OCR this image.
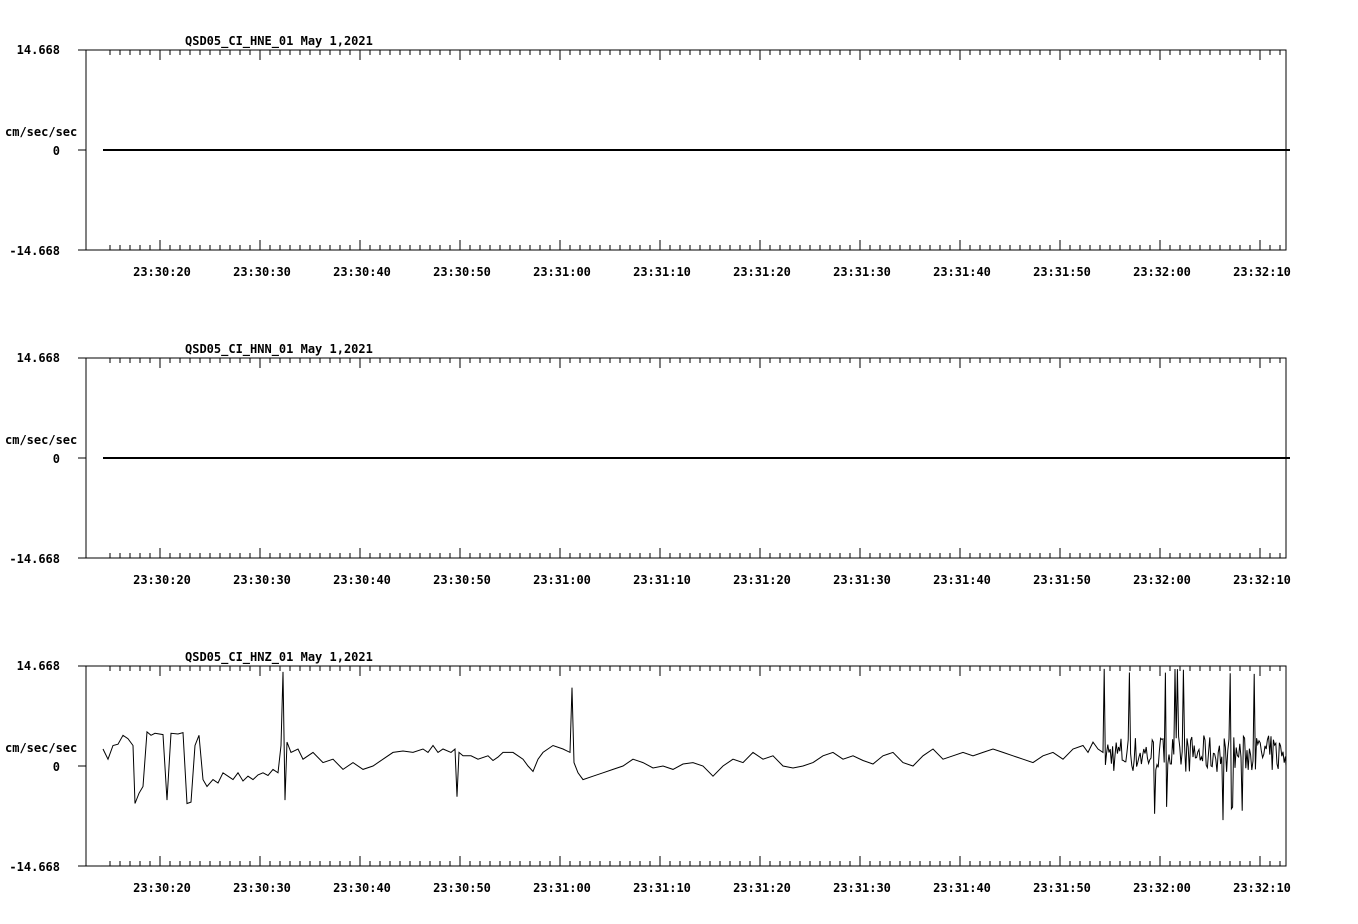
QSD05_CI_HNE_01 May 1,2021
14.668
0
-14.668
cm/sec/sec
23:30:20	23:30:30	23:30:40	23:30:50	23:31:00	23:31:10	23:31:20	23:31:30	23:31:40	23:31:50	23:32:00	23:32:10
QSD05_CI_HNN_01 May 1,2021
14.668
0
-14.668
cm/sec/sec
23:30:20	23:30:30	23:30:40	23:30:50	23:31:00	23:31:10	23:31:20	23:31:30	23:31:40	23:31:50	23:32:00	23:32:10
QSD05_CI_HNZ_01 May 1,2021
14.668
0
-14.668
cm/sec/sec
23:30:20	23:30:30	23:30:40	23:30:50	23:31:00	23:31:10	23:31:20	23:31:30	23:31:40	23:31:50	23:32:00	23:32:10
